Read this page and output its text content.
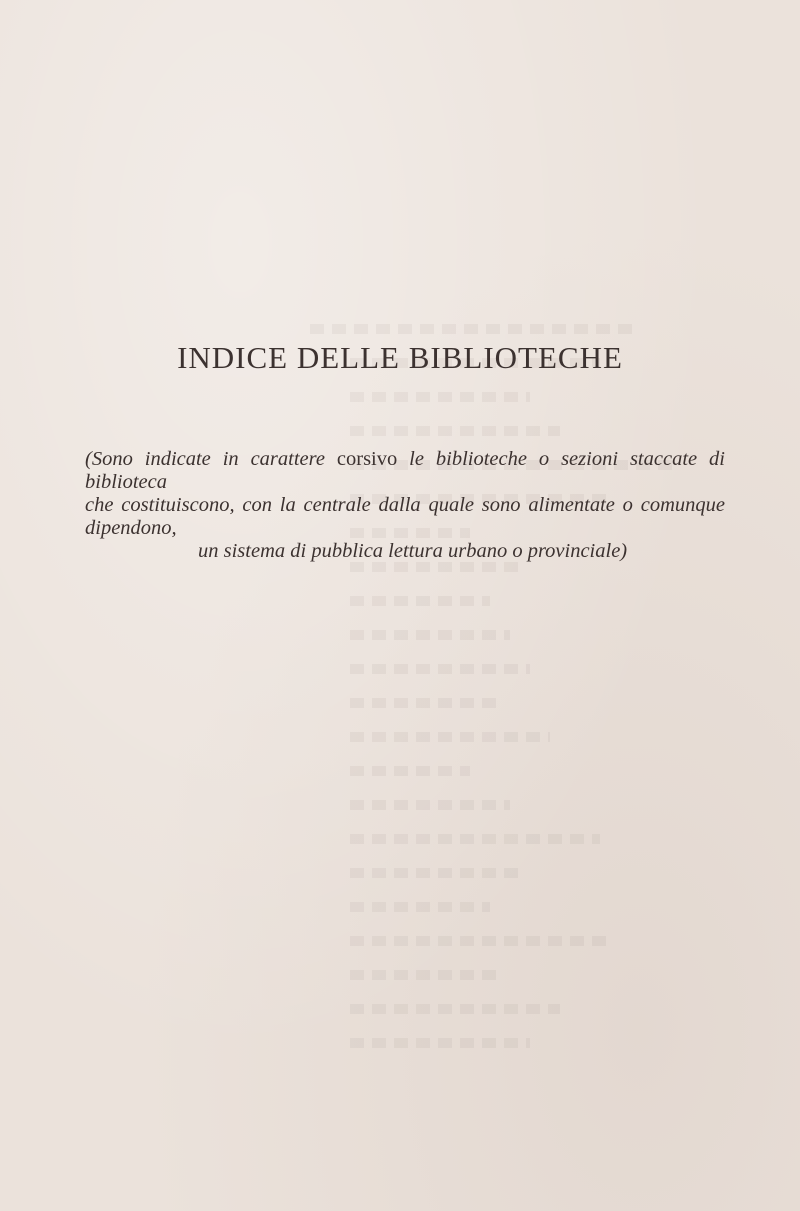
INDICE DELLE BIBLIOTECHE

(Sono indicate in carattere corsivo le biblioteche o sezioni staccate di biblioteca
che costituiscono, con la centrale dalla quale sono alimentate o comunque dipendono,
un sistema di pubblica lettura urbano o provinciale)
